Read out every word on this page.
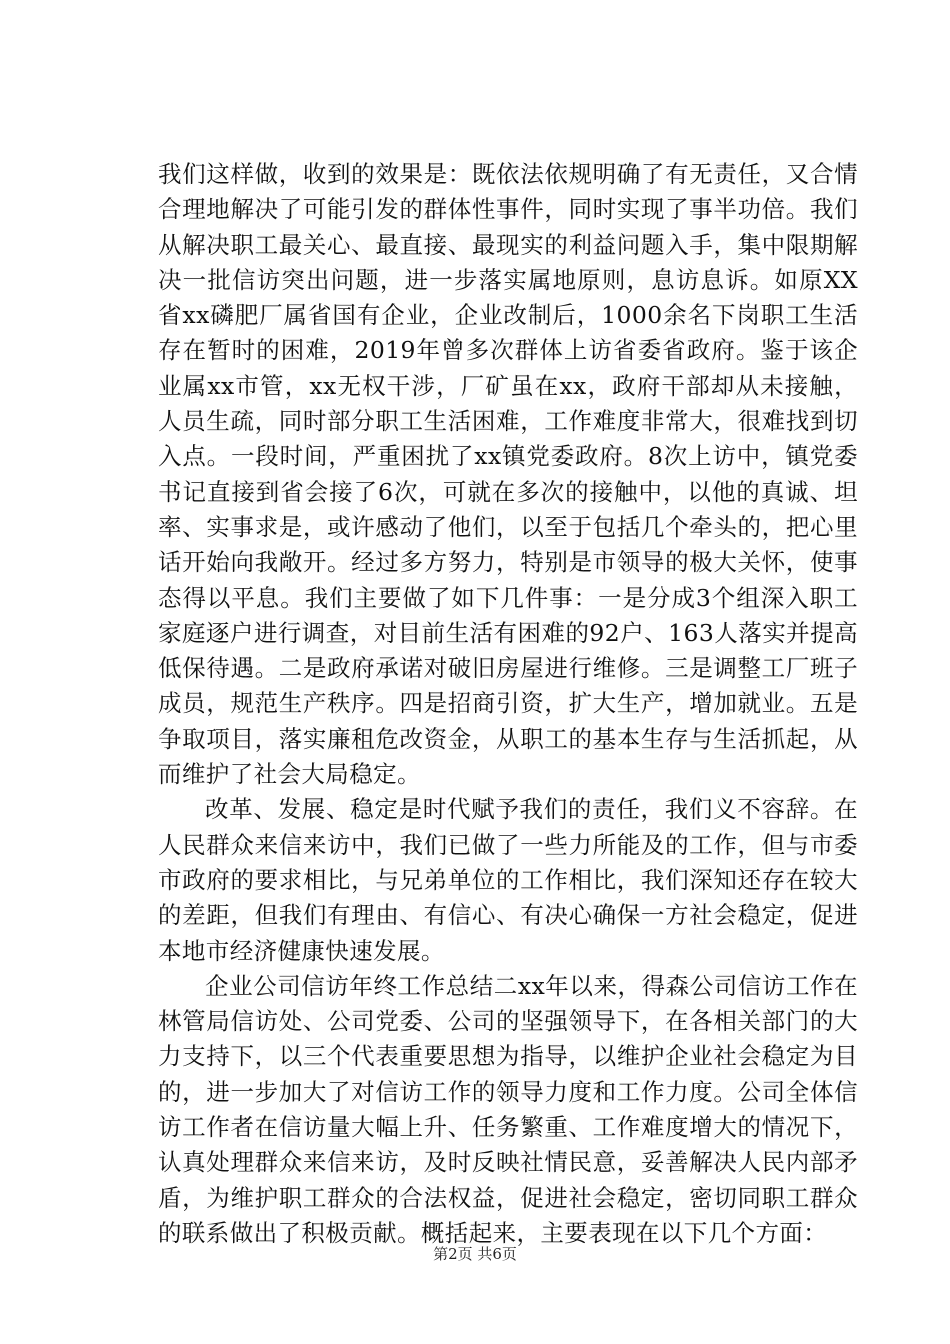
我们这样做，收到的效果是：既依法依规明确了有无责任，又合情合理地解决了可能引发的群体性事件，同时实现了事半功倍。我们从解决职工最关心、最直接、最现实的利益问题入手，集中限期解决一批信访突出问题，进一步落实属地原则，息访息诉。如原XX省xx磷肥厂属省国有企业，企业改制后，1000余名下岗职工生活存在暂时的困难，2019年曾多次群体上访省委省政府。鉴于该企业属xx市管，xx无权干涉，厂矿虽在xx，政府干部却从未接触，人员生疏，同时部分职工生活困难，工作难度非常大，很难找到切入点。一段时间，严重困扰了xx镇党委政府。8次上访中，镇党委书记直接到省会接了6次，可就在多次的接触中，以他的真诚、坦率、实事求是，或许感动了他们，以至于包括几个牵头的，把心里话开始向我敞开。经过多方努力，特别是市领导的极大关怀，使事态得以平息。我们主要做了如下几件事：一是分成3个组深入职工家庭逐户进行调查，对目前生活有困难的92户、163人落实并提高低保待遇。二是政府承诺对破旧房屋进行维修。三是调整工厂班子成员，规范生产秩序。四是招商引资，扩大生产，增加就业。五是争取项目，落实廉租危改资金，从职工的基本生存与生活抓起，从而维护了社会大局稳定。

改革、发展、稳定是时代赋予我们的责任，我们义不容辞。在人民群众来信来访中，我们已做了一些力所能及的工作，但与市委市政府的要求相比，与兄弟单位的工作相比，我们深知还存在较大的差距，但我们有理由、有信心、有决心确保一方社会稳定，促进本地市经济健康快速发展。

企业公司信访年终工作总结二xx年以来，得森公司信访工作在林管局信访处、公司党委、公司的坚强领导下，在各相关部门的大力支持下，以三个代表重要思想为指导，以维护企业社会稳定为目的，进一步加大了对信访工作的领导力度和工作力度。公司全体信访工作者在信访量大幅上升、任务繁重、工作难度增大的情况下，认真处理群众来信来访，及时反映社情民意，妥善解决人民内部矛盾，为维护职工群众的合法权益，促进社会稳定，密切同职工群众的联系做出了积极贡献。概括起来，主要表现在以下几个方面：

第2页 共6页
